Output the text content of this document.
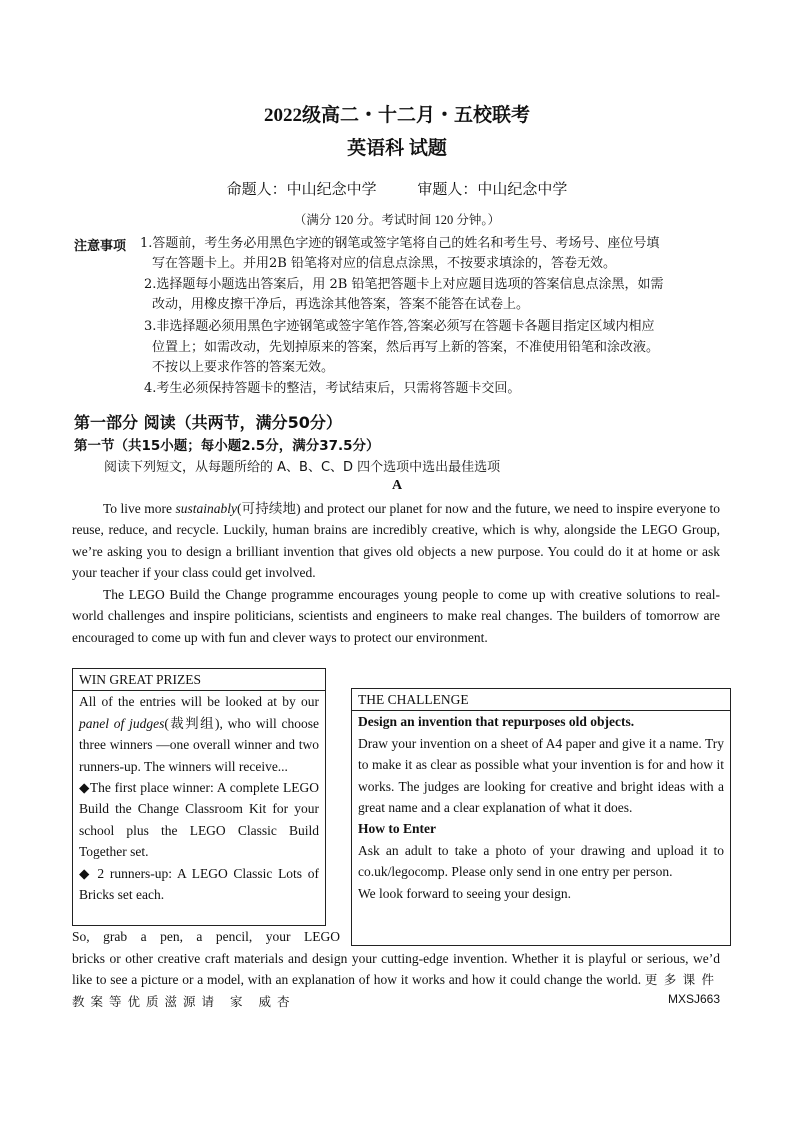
2022级高二・十二月・五校联考
英语科 试题
命题人：中山纪念中学	审题人：中山纪念中学
（满分 120 分。考试时间 120 分钟。）
注意事项 1.答题前，考生务必用黑色字迹的钢笔或签字笔将自己的姓名和考生号、考场号、座位号填
写在答题卡上。并用2B 铅笔将对应的信息点涂黑，不按要求填涂的，答卷无效。
2.选择题每小题选出答案后，用 2B 铅笔把答题卡上对应题目选项的答案信息点涂黑，如需
改动，用橡皮擦干净后，再选涂其他答案，答案不能答在试卷上。
3.非选择题必须用黑色字迹钢笔或签字笔作答,答案必须写在答题卡各题目指定区域内相应
位置上；如需改动，先划掉原来的答案，然后再写上新的答案，不准使用铅笔和涂改液。
不按以上要求作答的答案无效。
4.考生必须保持答题卡的整洁，考试结束后，只需将答题卡交回。
第一部分 阅读（共两节，满分50分）
第一节（共15小题；每小题2.5分，满分37.5分）
阅读下列短文，从每题所给的 A、B、C、D 四个选项中选出最佳选项
A
To live more sustainably(可持续地) and protect our planet for now and the future, we need to inspire everyone to reuse, reduce, and recycle. Luckily, human brains are incredibly creative, which is why, alongside the LEGO Group, we’re asking you to design a brilliant invention that gives old objects a new purpose. You could do it at home or ask your teacher if your class could get involved.
The LEGO Build the Change programme encourages young people to come up with creative solutions to real-world challenges and inspire politicians, scientists and engineers to make real changes. The builders of tomorrow are encouraged to come up with fun and clever ways to protect our environment.
WIN GREAT PRIZES
All of the entries will be looked at by our panel of judges(裁判组), who will choose three winners —one overall winner and two runners-up. The winners will receive...
◆The first place winner: A complete LEGO Build the Change Classroom Kit for your school plus the LEGO Classic Build Together set.
◆ 2 runners-up: A LEGO Classic Lots of Bricks set each.
THE CHALLENGE
Design an invention that repurposes old objects.
Draw your invention on a sheet of A4 paper and give it a name. Try to make it as clear as possible what your invention is for and how it works. The judges are looking for creative and bright ideas with a great name and a clear explanation of what it does.
How to Enter
Ask an adult to take a photo of your drawing and upload it to co.uk/legocomp. Please only send in one entry per person.
We look forward to seeing your design.
So, grab a pen, a pencil, your LEGO
bricks or other creative craft materials and design your cutting-edge invention. Whether it is playful or serious, we’d like to see a picture or a model, with an explanation of how it works and how it could change the world. 更多课件教案等优质滋源请 家 威杏	MXSJ663
